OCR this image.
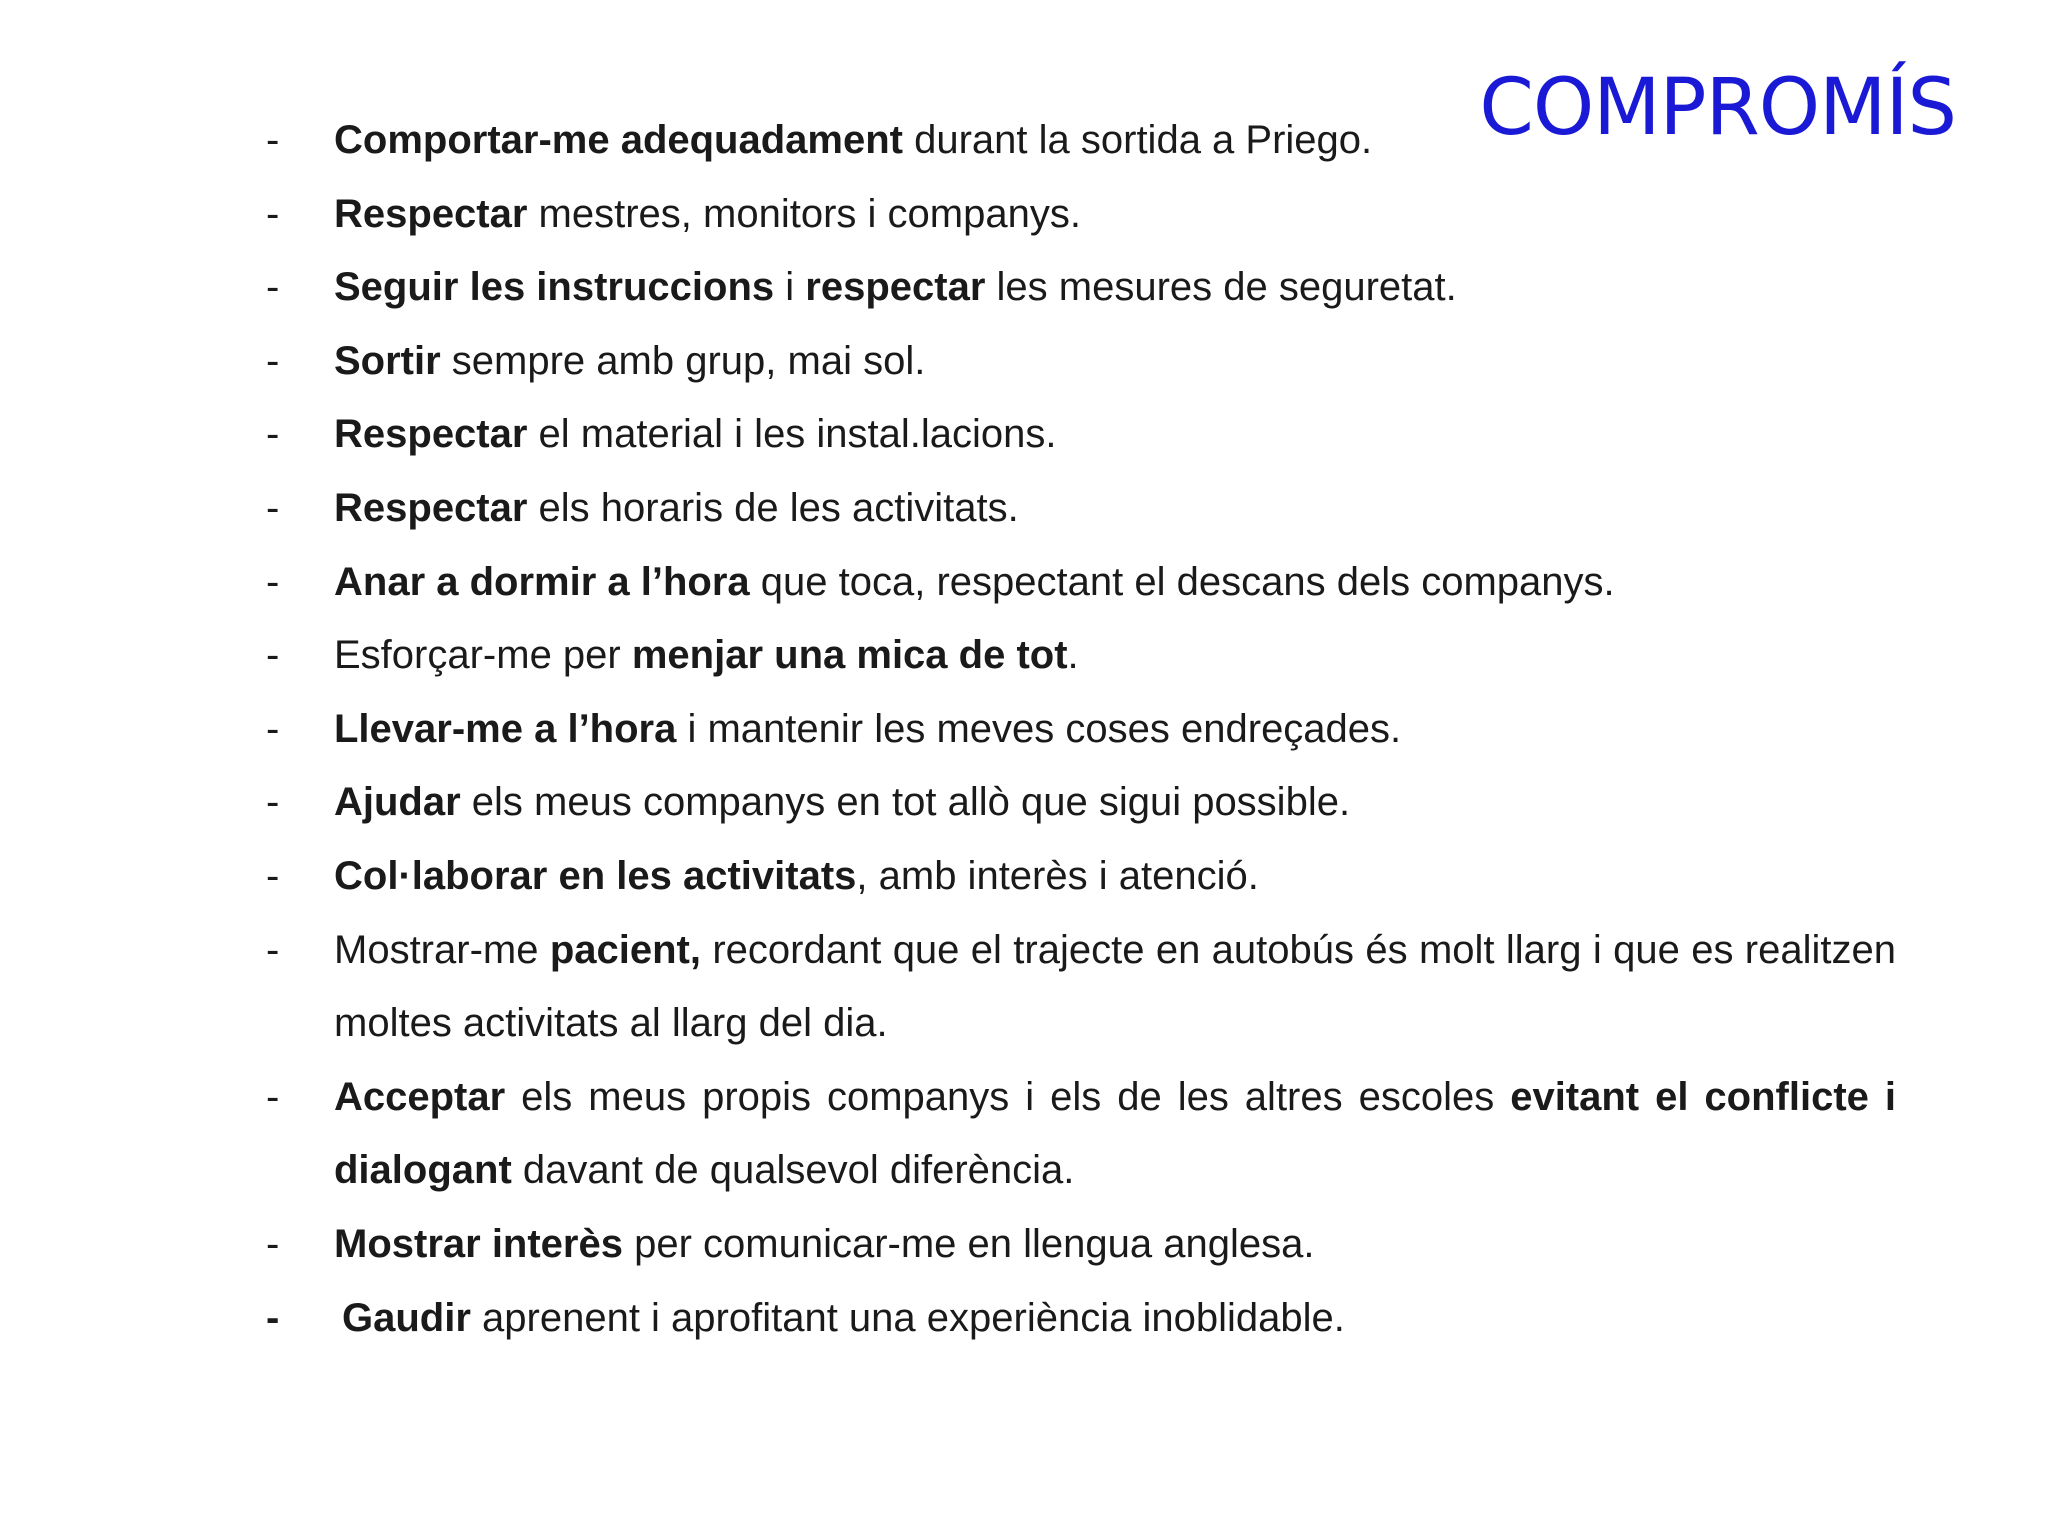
COMPROMÍS
- Comportar-me adequadament durant la sortida a Priego.
- Respectar mestres, monitors i companys.
- Seguir les instruccions i respectar les mesures de seguretat.
- Sortir sempre amb grup, mai sol.
- Respectar el material i les instal.lacions.
- Respectar els horaris de les activitats.
- Anar a dormir a l’hora que toca, respectant el descans dels companys.
- Esforçar-me per menjar una mica de tot.
- Llevar-me a l’hora i mantenir les meves coses endreçades.
- Ajudar els meus companys en tot allò que sigui possible.
- Col·laborar en les activitats, amb interès i atenció.
- Mostrar-me pacient, recordant que el trajecte en autobús és molt llarg i que es realitzen moltes activitats al llarg del dia.
- Acceptar els meus propis companys i els de les altres escoles evitant el conflicte i dialogant davant de qualsevol diferència.
- Mostrar interès per comunicar-me en llengua anglesa.
- Gaudir aprenent i aprofitant una experiència inoblidable.
